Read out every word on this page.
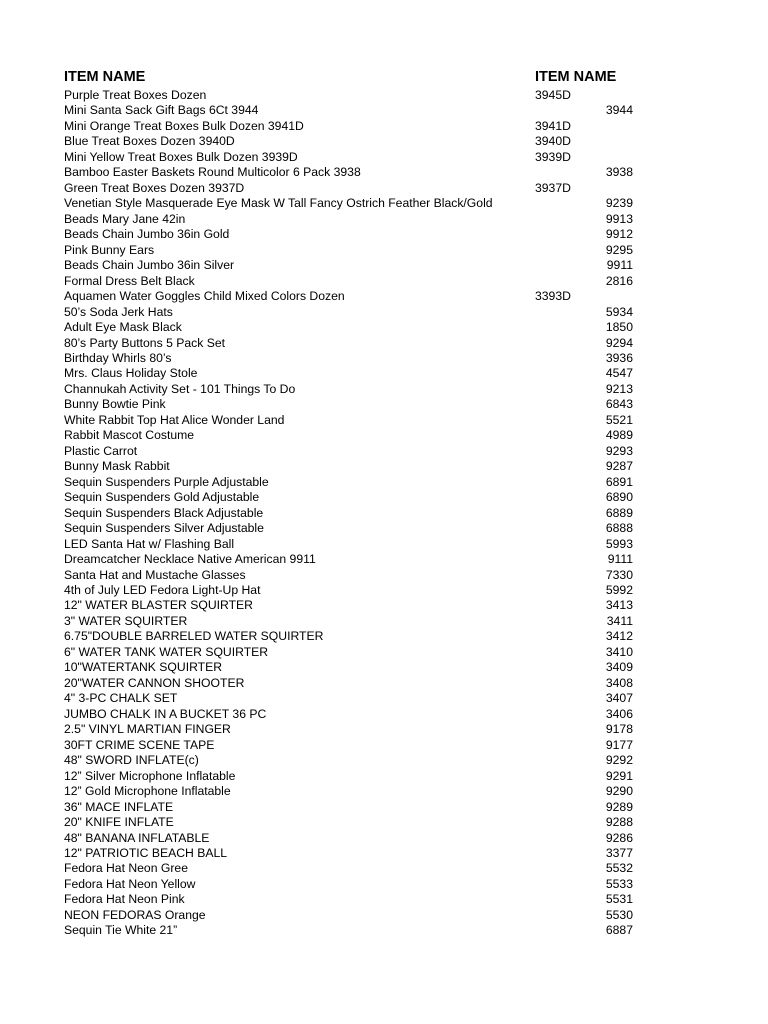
ITEM NAME	ITEM NAME
Purple Treat Boxes Dozen	3945D
Mini Santa Sack Gift Bags 6Ct 3944	3944
Mini Orange Treat Boxes Bulk Dozen 3941D	3941D
Blue Treat Boxes Dozen 3940D	3940D
Mini Yellow Treat Boxes Bulk Dozen 3939D	3939D
Bamboo Easter Baskets Round Multicolor 6 Pack 3938	3938
Green Treat Boxes Dozen 3937D	3937D
Venetian Style Masquerade Eye Mask W Tall Fancy Ostrich Feather Black/Gold	9239
Beads Mary Jane 42in	9913
Beads Chain Jumbo 36in Gold	9912
Pink Bunny Ears	9295
Beads Chain Jumbo 36in Silver	9911
Formal Dress Belt Black	2816
Aquamen Water Goggles Child Mixed Colors Dozen	3393D
50’s Soda Jerk Hats	5934
Adult Eye Mask Black	1850
80’s Party Buttons 5 Pack Set	9294
Birthday Whirls 80’s	3936
Mrs. Claus Holiday Stole	4547
Channukah Activity Set - 101 Things To Do	9213
Bunny Bowtie Pink	6843
White Rabbit Top Hat Alice Wonder Land	5521
Rabbit Mascot Costume	4989
Plastic Carrot	9293
Bunny Mask Rabbit	9287
Sequin Suspenders Purple Adjustable	6891
Sequin Suspenders Gold Adjustable	6890
Sequin Suspenders Black Adjustable	6889
Sequin Suspenders Silver Adjustable	6888
LED Santa Hat w/ Flashing Ball	5993
Dreamcatcher Necklace Native American 9911	9111
Santa Hat and Mustache Glasses	7330
4th of July LED Fedora Light-Up Hat	5992
12" WATER BLASTER SQUIRTER	3413
3" WATER SQUIRTER	3411
6.75"DOUBLE BARRELED WATER SQUIRTER	3412
6" WATER TANK WATER SQUIRTER	3410
10"WATERTANK SQUIRTER	3409
20"WATER CANNON SHOOTER	3408
4" 3-PC CHALK SET	3407
JUMBO CHALK IN A BUCKET 36 PC	3406
2.5" VINYL MARTIAN FINGER	9178
30FT CRIME SCENE TAPE	9177
48" SWORD INFLATE(c)	9292
12” Silver Microphone Inflatable	9291
12” Gold Microphone Inflatable	9290
36" MACE INFLATE	9289
20" KNIFE INFLATE	9288
48" BANANA INFLATABLE	9286
12" PATRIOTIC BEACH BALL	3377
Fedora Hat Neon Gree	5532
Fedora Hat Neon Yellow	5533
Fedora Hat Neon Pink	5531
NEON FEDORAS Orange	5530
Sequin Tie White 21”	6887
